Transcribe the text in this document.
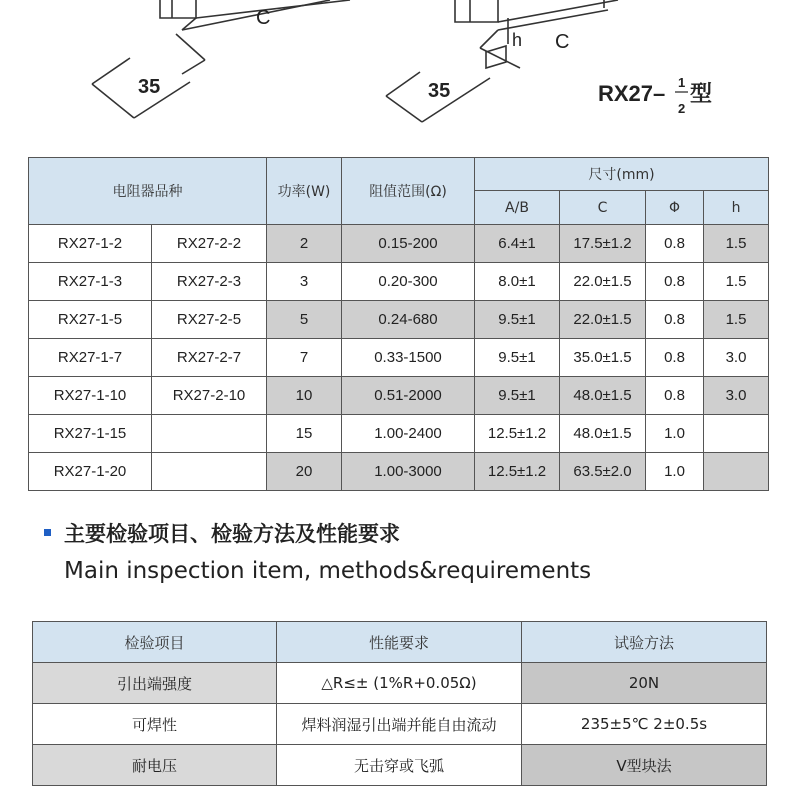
C
35
h C
35	RX27– 1
2
型
电阻器品种		功率(W)	阻值范围(Ω)	尺寸(mm)			
				A/B	C	Φ	h
RX27-1-2	RX27-2-2	2	0.15-200	6.4±1	17.5±1.2	0.8	1.5
RX27-1-3	RX27-2-3	3	0.20-300	8.0±1	22.0±1.5	0.8	1.5
RX27-1-5	RX27-2-5	5	0.24-680	9.5±1	22.0±1.5	0.8	1.5
RX27-1-7	RX27-2-7	7	0.33-1500	9.5±1	35.0±1.5	0.8	3.0
RX27-1-10	RX27-2-10	10	0.51-2000	9.5±1	48.0±1.5	0.8	3.0
RX27-1-15		15	1.00-2400	12.5±1.2	48.0±1.5	1.0	
RX27-1-20		20	1.00-3000	12.5±1.2	63.5±2.0	1.0	
主要检验项目、检验方法及性能要求
Main inspection item, methods&requirements
检验项目	性能要求	试验方法
引出端强度	△R≤± (1%R+0.05Ω)	20N
可焊性	焊料润湿引出端并能自由流动	235±5℃ 2±0.5s
耐电压	无击穿或飞弧	V型块法
